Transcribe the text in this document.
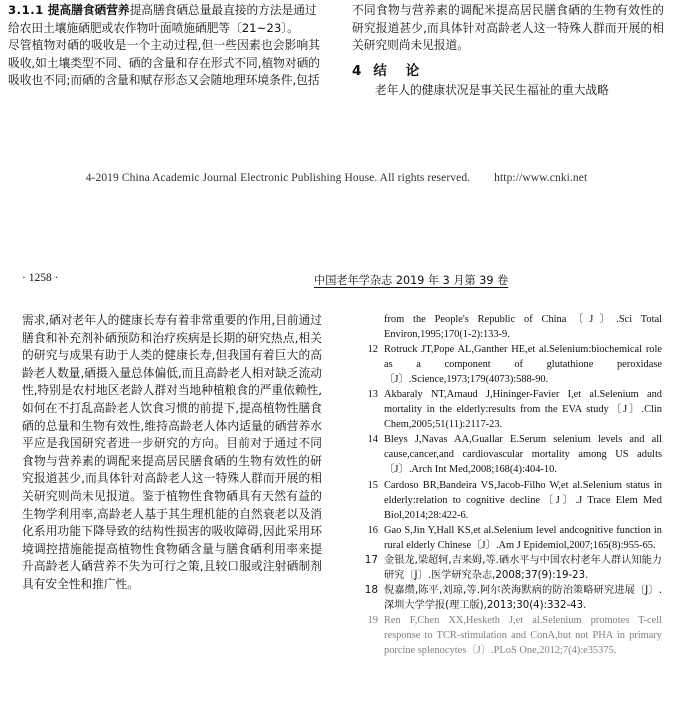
3.1.1 提高膳食硒营养提高膳食硒总量最直接的方法是通过给农田土壤施硒肥或农作物叶面喷施硒肥等〔21~23〕。
尽管植物对硒的吸收是一个主动过程,但一些因素也会影响其吸收,如土壤类型不同、硒的含量和存在形式不同,植物对硒的吸收也不同;而硒的含量和赋存形态又会随地理环境条件,包括
不同食物与营养素的调配米提高居民膳食硒的生物有效性的研究报道甚少,而具体针对高龄老人这一特殊人群而开展的相关研究则尚未见报道。
4 结 论
老年人的健康状况是事关民生福祉的重大战略
4-2019 China Academic Journal Electronic Publishing House. All rights reserved. http://www.cnki.net
· 1258 ·	中国老年学杂志 2019 年 3 月第 39 卷
需求,硒对老年人的健康长寿有着非常重要的作用,目前通过膳食和补充剂补硒预防和治疗疾病是长期的研究热点,相关的研究与成果有助于人类的健康长寿,但我国有着巨大的高龄老人数量,硒摄入量总体偏低,而且高龄老人相对缺乏流动性,特别是农村地区老龄人群对当地种植粮食的严重依赖性,如何在不打乱高龄老人饮食习惯的前提下,提高植物性膳食硒的总量和生物有效性,维持高龄老人体内适量的硒营养水平应是我国研究者进一步研究的方向。目前对于通过不同食物与营养素的调配来提高居民膳食硒的生物有效性的研究报道甚少,而具体针对高龄老人这一特殊人群而开展的相关研究则尚未见报道。鉴于植物性食物硒具有天然有益的生物学利用率,高龄老人基于其生理机能的自然衰老以及消化系用功能下降导致的结构性损害的吸收障碍,因此采用环境调控措施能提高植物性食物硒含量与膳食硒利用率来提升高龄老人硒营养不失为可行之策,且较口服或注射硒制剂具有安全性和推广性。
from the People's Republic of China〔J〕.Sci Total Environ,1995;170(1-2):133-9.
12 Rotruck JT,Pope AL,Ganther HE,et al.Selenium:biochemical role as a component of glutathione peroxidase〔J〕.Science,1973;179(4073):588-90.
13 Akbaraly NT,Arnaud J,Hininger-Favier I,et al.Selenium and mortality in the elderly:results from the EVA study〔J〕.Clin Chem,2005;51(11):2117-23.
14 Bleys J,Navas AA,Guallar E.Serum selenium levels and all cause,cancer,and cardiovascular mortality among US adults〔J〕.Arch Int Med,2008;168(4):404-10.
15 Cardoso BR,Bandeira VS,Jacob-Filho W,et al.Selenium status in elderly:relation to cognitive decline〔J〕.J Trace Elem Med Biol,2014;28:422-6.
16 Gao S,Jin Y,Hall KS,et al.Selenium level andcognitive function in rural elderly Chinese〔J〕.Am J Epidemiol,2007;165(8):955-65.
17 金银龙,梁超轲,吉来姆,等.硒水平与中国农村老年人群认知能力研究〔J〕.医学研究杂志,2008;37(9):19-23.
18 倪嘉缵,陈平,刘琼,等.阿尔茨海默病的防治策略研究进展〔J〕.深圳大学学报(理工版),2013;30(4):332-43.
19 Ren F,Chen XX,Hesketh J,et al.Selenium promotes T-cell response to TCR-stimulation and ConA,but not PHA in primary porcine splenocytes〔J〕.PLoS One,2012;7(4):e35375.
